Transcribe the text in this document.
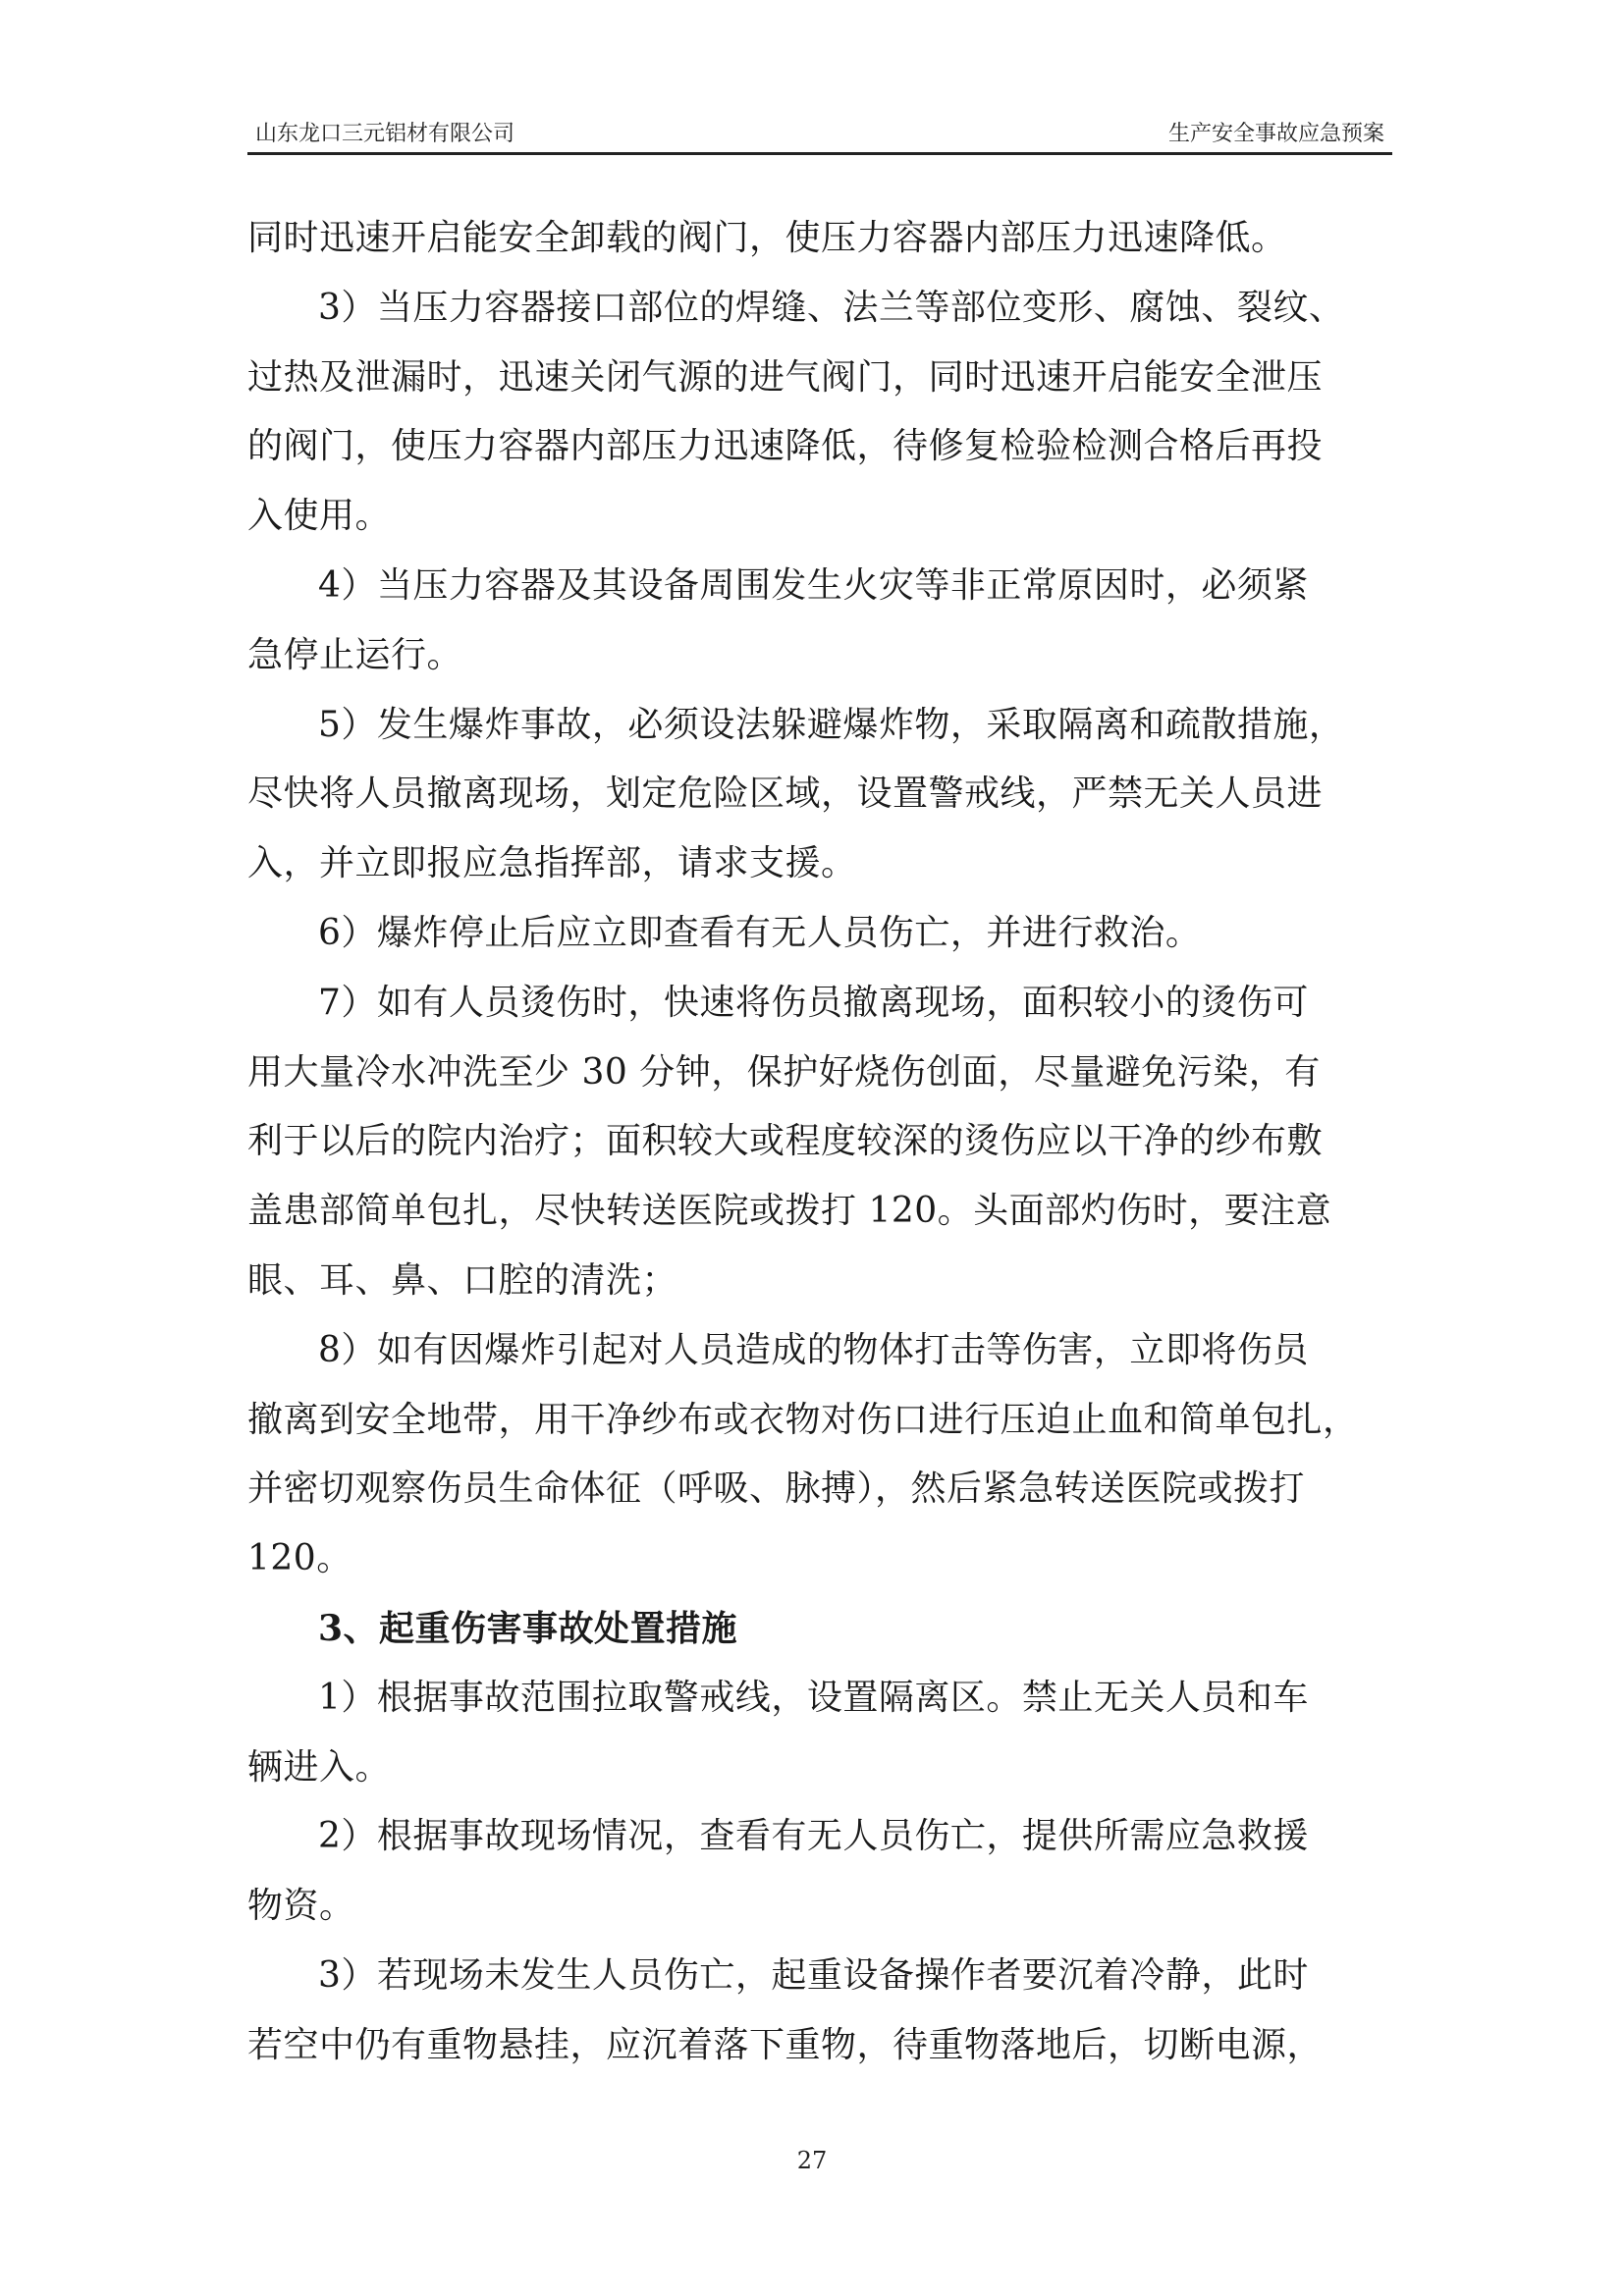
山东龙口三元铝材有限公司	生产安全事故应急预案
同时迅速开启能安全卸载的阀门，使压力容器内部压力迅速降低。
3）当压力容器接口部位的焊缝、法兰等部位变形、腐蚀、裂纹、
过热及泄漏时，迅速关闭气源的进气阀门，同时迅速开启能安全泄压
的阀门，使压力容器内部压力迅速降低，待修复检验检测合格后再投
入使用。
4）当压力容器及其设备周围发生火灾等非正常原因时，必须紧
急停止运行。
5）发生爆炸事故，必须设法躲避爆炸物，采取隔离和疏散措施，
尽快将人员撤离现场，划定危险区域，设置警戒线，严禁无关人员进
入，并立即报应急指挥部，请求支援。
6）爆炸停止后应立即查看有无人员伤亡，并进行救治。
7）如有人员烫伤时，快速将伤员撤离现场，面积较小的烫伤可
用大量冷水冲洗至少 30 分钟，保护好烧伤创面，尽量避免污染，有
利于以后的院内治疗；面积较大或程度较深的烫伤应以干净的纱布敷
盖患部简单包扎，尽快转送医院或拨打 120。头面部灼伤时，要注意
眼、耳、鼻、口腔的清洗；
8）如有因爆炸引起对人员造成的物体打击等伤害，立即将伤员
撤离到安全地带，用干净纱布或衣物对伤口进行压迫止血和简单包扎，
并密切观察伤员生命体征（呼吸、脉搏），然后紧急转送医院或拨打
120。
3、起重伤害事故处置措施
1）根据事故范围拉取警戒线，设置隔离区。禁止无关人员和车
辆进入。
2）根据事故现场情况，查看有无人员伤亡，提供所需应急救援
物资。
3）若现场未发生人员伤亡，起重设备操作者要沉着冷静，此时
若空中仍有重物悬挂，应沉着落下重物，待重物落地后，切断电源，
27
